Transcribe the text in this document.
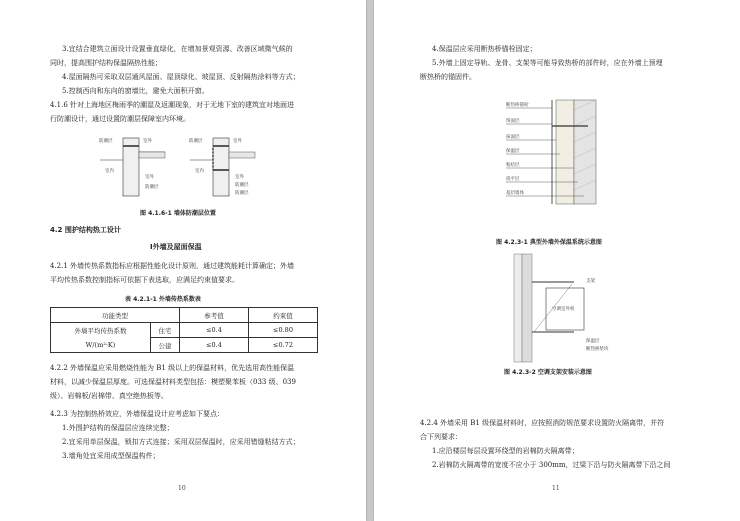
3.宜结合建筑立面设计设置垂直绿化，在增加景观资源、改善区域微气候的
同时，提高围护结构保温隔热性能；
4.屋面隔热可采取双层通风屋面、屋顶绿化、坡屋顶、反射隔热涂料等方式；
5.控制西向和东向的窗墙比，避免大面积开窗。
4.1.6 针对上海地区梅雨季的潮湿及返潮现象，对于无地下室的建筑宜对地面进
行防潮设计，通过设置防潮层保障室内环境。
防潮层
室内
室外
室外
防潮层
防潮层
室内
室外
室外
防潮层
防潮层
图 4.1.6-1 墙体防潮层位置
4.2 围护结构热工设计
Ⅰ外墙及屋面保温
4.2.1 外墙传热系数指标应根据性能化设计原则，通过建筑能耗计算确定；外墙
平均传热系数控制指标可依据下表选取，应满足约束值要求。
表 4.2.1-1 外墙传热系数表
功能类型		参考值	约束值

外墙平均传热系数
W/(m²·K)	住宅	≤0.4	≤0.80
	公建	≤0.4	≤0.72
4.2.2 外墙保温应采用燃烧性能为 B1 级以上的保温材料，优先选用高性能保温
材料，以减少保温层厚度。可选保温材料类型包括：模塑聚苯板（033 级、039
级）、岩棉板/岩棉带、真空绝热板等。
4.2.3 为控制热桥效应，外墙保温设计应考虑如下要点：
1.外围护结构的保温层应连续完整；
2.宜采用单层保温，锁扣方式连接；采用双层保温时，应采用错缝粘结方式；
3.墙角处宜采用成型保温构件；
10
4.保温层应采用断热桥锚栓固定；
5.外墙上固定导轨、龙骨、支架等可能导致热桥的部件时，应在外墙上预埋
断热桥的锚固件。
断热桥锚栓
饰面层
抹面层
保温层
粘结层
找平层
基层墙体
图 4.2.3-1 典型外墙外保温系统示意图
空调室外机
支架
保温层
断热桥垫块
图 4.2.3-2 空调支架安装示意图
4.2.4 外墙采用 B1 级保温材料时，应按照消防规范要求设置防火隔离带，并符
合下列要求：
1.应沿楼层每层设置环绕型的岩棉防火隔离带；
2.岩棉防火隔离带的宽度不应小于 300mm，过梁下沿与防火隔离带下沿之间
11
